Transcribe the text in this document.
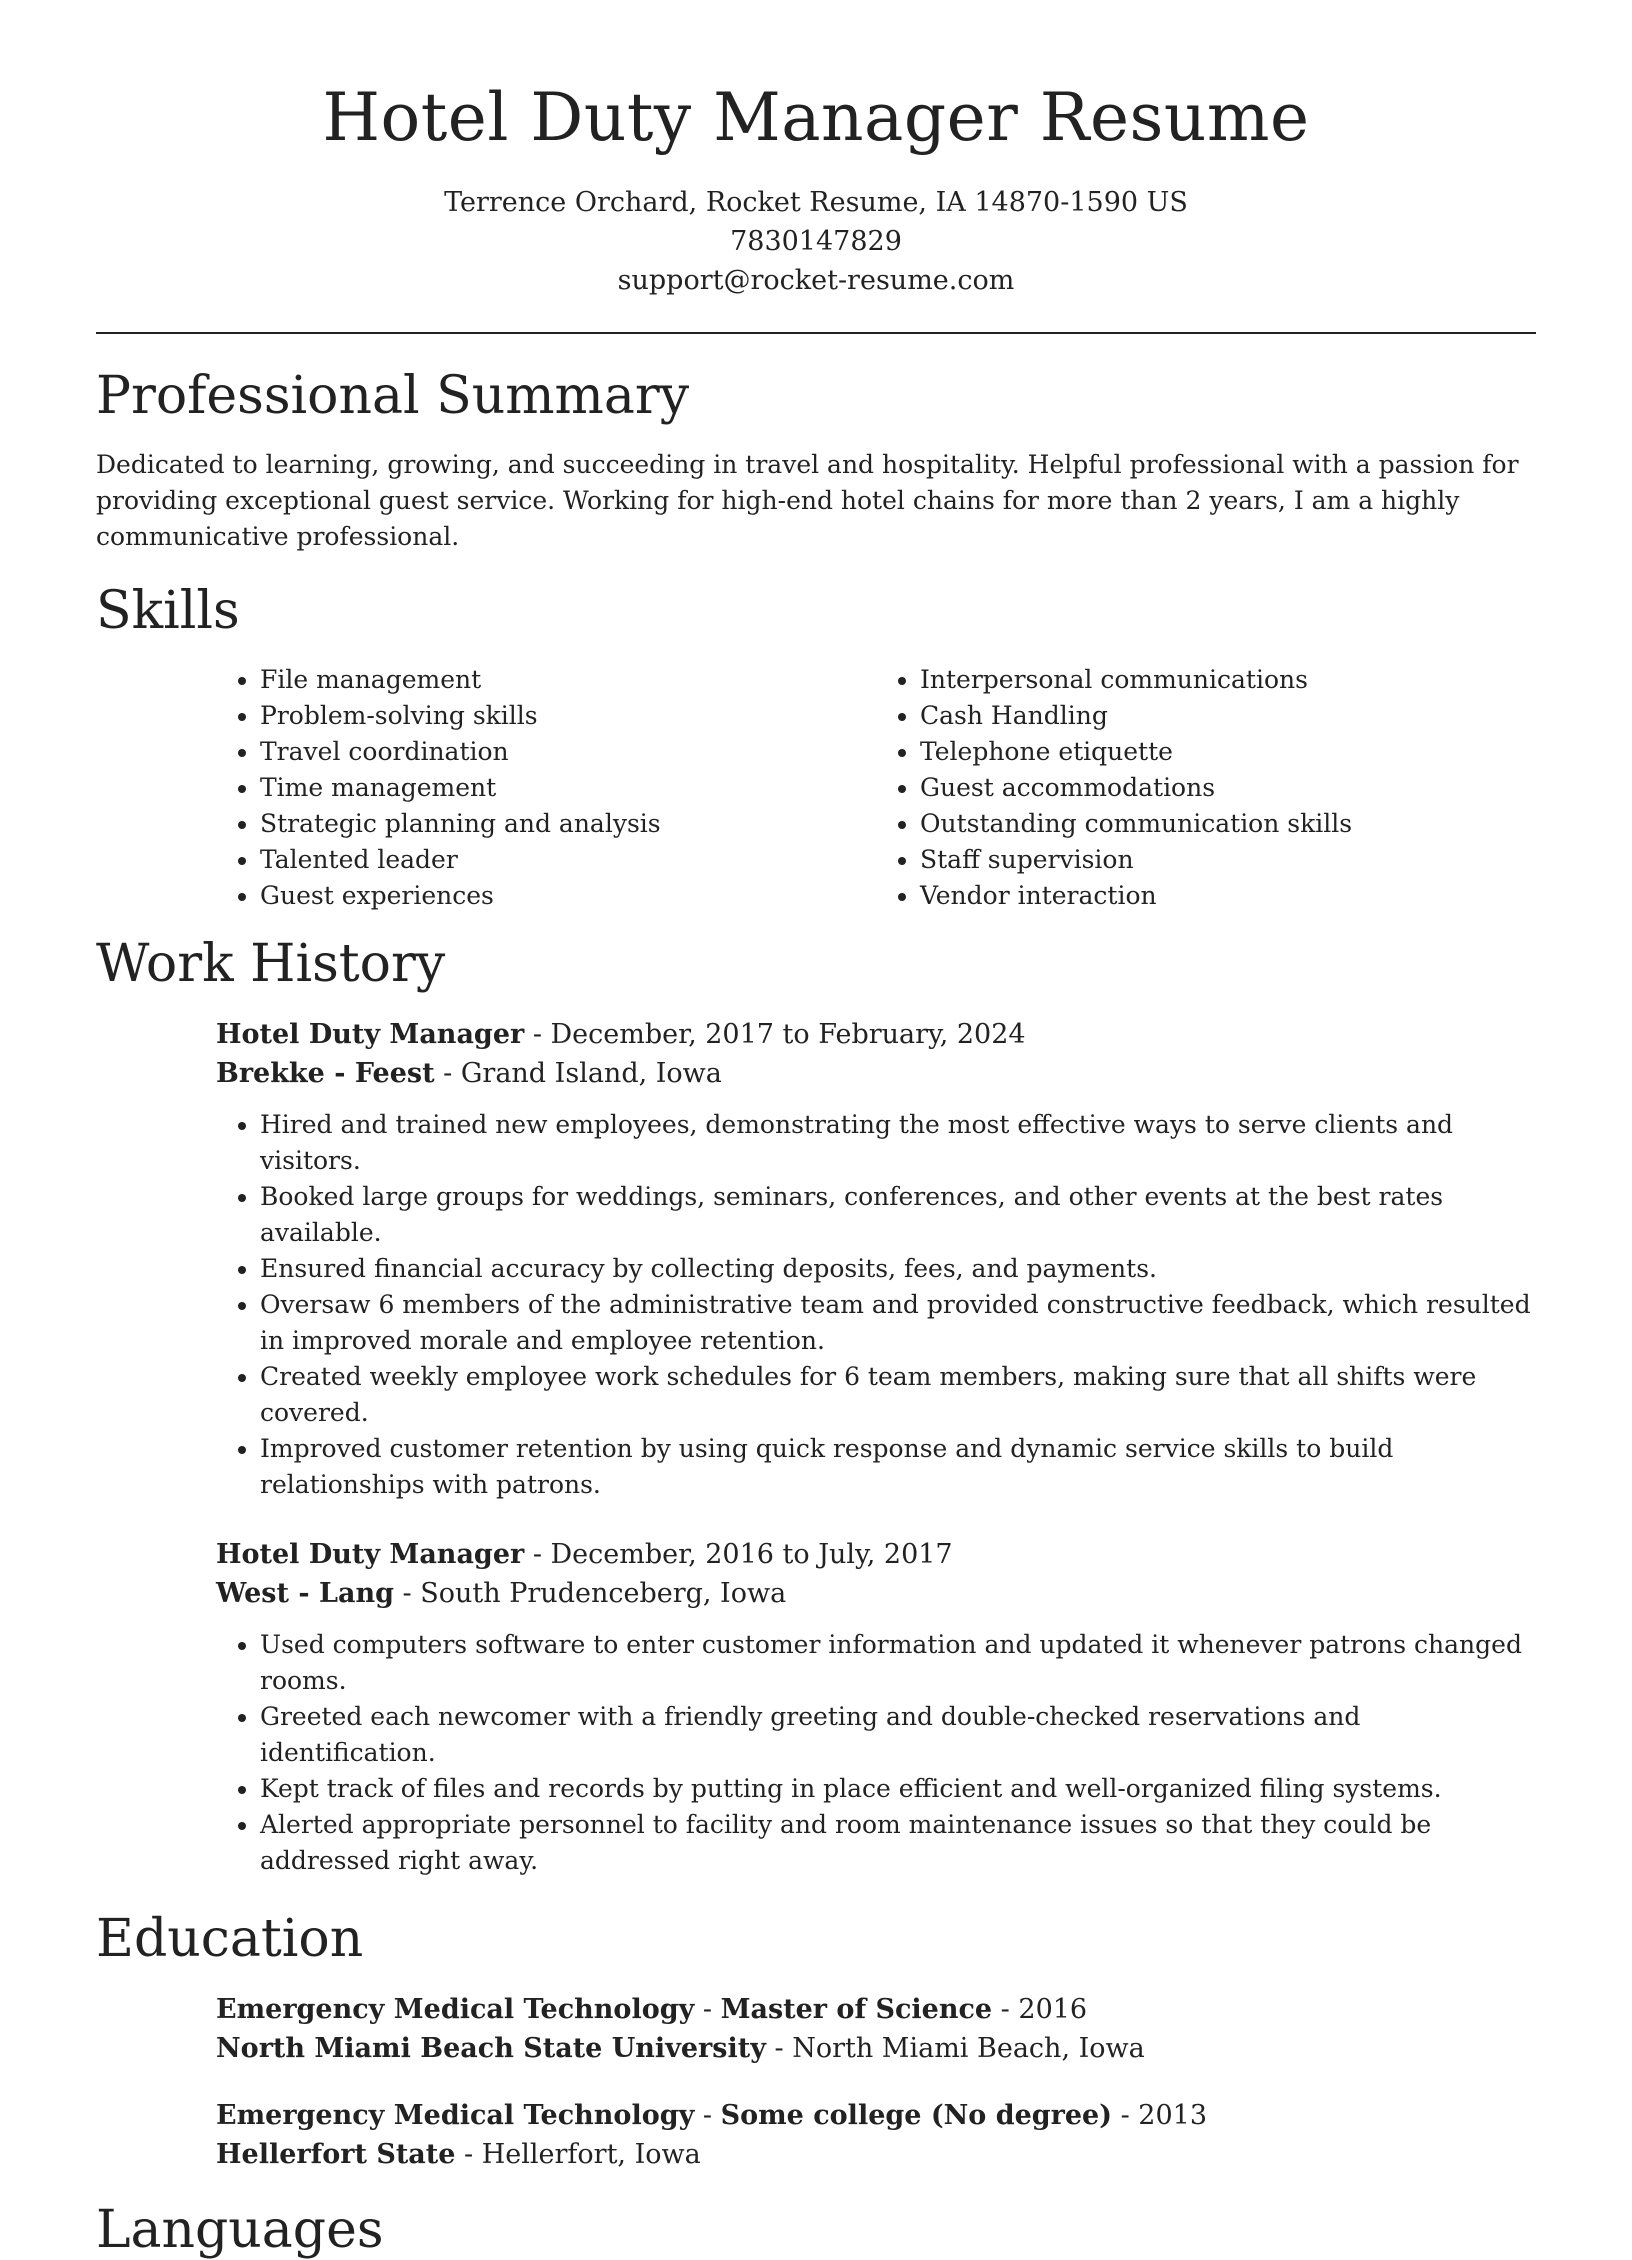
Hotel Duty Manager Resume
Terrence Orchard, Rocket Resume, IA 14870-1590 US
7830147829
support@rocket-resume.com
Professional Summary

Dedicated to learning, growing, and succeeding in travel and hospitality. Helpful professional with a passion for providing exceptional guest service. Working for high-end hotel chains for more than 2 years, I am a highly communicative professional.

Skills
• File management
• Problem-solving skills
• Travel coordination
• Time management
• Strategic planning and analysis
• Talented leader
• Guest experiences
• Interpersonal communications
• Cash Handling
• Telephone etiquette
• Guest accommodations
• Outstanding communication skills
• Staff supervision
• Vendor interaction
Work History
Hotel Duty Manager - December, 2017 to February, 2024
Brekke - Feest - Grand Island, Iowa
• Hired and trained new employees, demonstrating the most effective ways to serve clients and visitors.
• Booked large groups for weddings, seminars, conferences, and other events at the best rates available.
• Ensured financial accuracy by collecting deposits, fees, and payments.
• Oversaw 6 members of the administrative team and provided constructive feedback, which resulted in improved morale and employee retention.
• Created weekly employee work schedules for 6 team members, making sure that all shifts were covered.
• Improved customer retention by using quick response and dynamic service skills to build relationships with patrons.
Hotel Duty Manager - December, 2016 to July, 2017
West - Lang - South Prudenceberg, Iowa
• Used computers software to enter customer information and updated it whenever patrons changed rooms.
• Greeted each newcomer with a friendly greeting and double-checked reservations and identification.
• Kept track of files and records by putting in place efficient and well-organized filing systems.
• Alerted appropriate personnel to facility and room maintenance issues so that they could be addressed right away.
Education
Emergency Medical Technology - Master of Science - 2016
North Miami Beach State University - North Miami Beach, Iowa
Emergency Medical Technology - Some college (No degree) - 2013
Hellerfort State - Hellerfort, Iowa
Languages
